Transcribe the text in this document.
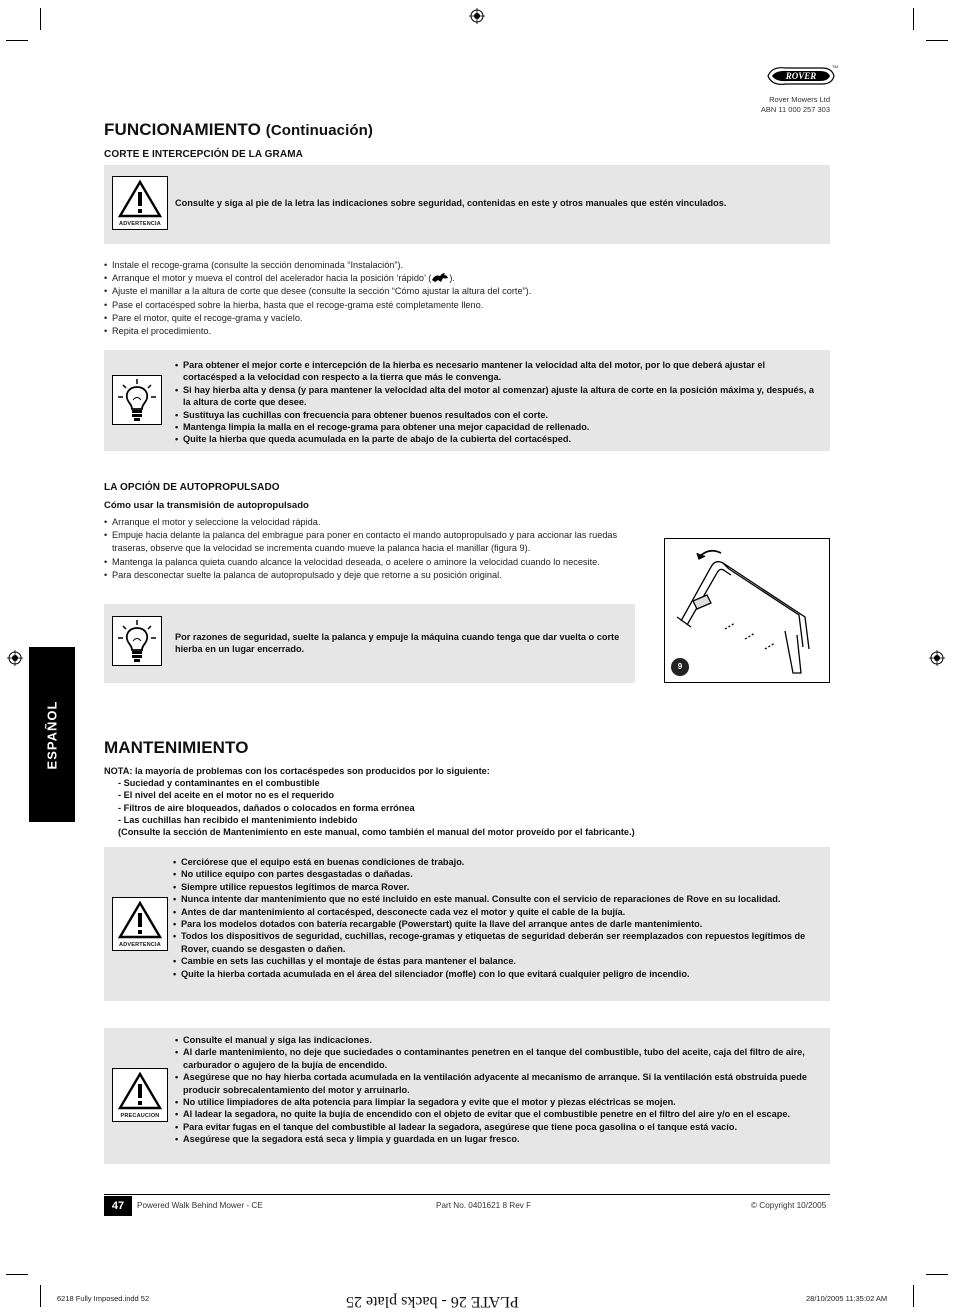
ROVER
TM
Rover Mowers Ltd
ABN 11 000 257 303
FUNCIONAMIENTO (Continuación)
CORTE E INTERCEPCIÓN DE LA GRAMA
ADVERTENCIA
Consulte y siga al pie de la letra las indicaciones sobre seguridad, contenidas en este y otros manuales que estén vinculados.
• Instale el recoge-grama (consulte la sección denominada “Instalación”).
• Arranque el motor y mueva el control del acelerador hacia la posición ‘rápido’ ( ).
• Ajuste el manillar a la altura de corte que desee (consulte la sección “Cómo ajustar la altura del corte”).
• Pase el cortacésped sobre la hierba, hasta que el recoge-grama esté completamente lleno.
• Pare el motor, quite el recoge-grama y vacíelo.
• Repita el procedimiento.
• Para obtener el mejor corte e intercepción de la hierba es necesario mantener la velocidad alta del motor, por lo que deberá ajustar el cortacésped a la velocidad con respecto a la tierra que más le convenga.
• Si hay hierba alta y densa (y para mantener la velocidad alta del motor al comenzar) ajuste la altura de corte en la posición máxima y, después, a la altura de corte que desee.
• Sustituya las cuchillas con frecuencia para obtener buenos resultados con el corte.
• Mantenga limpia la malla en el recoge-grama para obtener una mejor capacidad de rellenado.
• Quite la hierba que queda acumulada en la parte de abajo de la cubierta del cortacésped.
LA OPCIÓN DE AUTOPROPULSADO
Cómo usar la transmisión de autopropulsado
• Arranque el motor y seleccione la velocidad rápida.
• Empuje hacia delante la palanca del embrague para poner en contacto el mando autopropulsado y para accionar las ruedas traseras, observe que la velocidad se incrementa cuando mueve la palanca hacia el manillar (figura 9).
• Mantenga la palanca quieta cuando alcance la velocidad deseada, o acelere o aminore la velocidad cuando lo necesite.
• Para desconectar suelte la palanca de autopropulsado y deje que retorne a su posición original.
9
Por razones de seguridad, suelte la palanca y empuje la máquina cuando tenga que dar vuelta o corte hierba en un lugar encerrado.
ESPAÑOL	MANTENIMIENTO
NOTA: la mayoría de problemas con los cortacéspedes son producidos por lo siguiente:
- Suciedad y contaminantes en el combustible
- El nivel del aceite en el motor no es el requerido
- Filtros de aire bloqueados, dañados o colocados en forma errónea
- Las cuchillas han recibido el mantenimiento indebido
(Consulte la sección de Mantenimiento en este manual, como también el manual del motor proveído por el fabricante.)
ADVERTENCIA
• Cerciórese que el equipo está en buenas condiciones de trabajo.
• No utilice equipo con partes desgastadas o dañadas.
• Siempre utilice repuestos legítimos de marca Rover.
• Nunca intente dar mantenimiento que no esté incluido en este manual. Consulte con el servicio de reparaciones de Rove en su localidad.
• Antes de dar mantenimiento al cortacésped, desconecte cada vez el motor y quite el cable de la bujía.
• Para los modelos dotados con batería recargable (Powerstart) quite la llave del arranque antes de darle mantenimiento.
• Todos los dispositivos de seguridad, cuchillas, recoge-gramas y etiquetas de seguridad deberán ser reemplazados con repuestos legítimos de Rover, cuando se desgasten o dañen.
• Cambie en sets las cuchillas y el montaje de éstas para mantener el balance.
• Quite la hierba cortada acumulada en el área del silenciador (mofle) con lo que evitará cualquier peligro de incendio.
PRECAUCION
• Consulte el manual y siga las indicaciones.
• Al darle mantenimiento, no deje que suciedades o contaminantes penetren en el tanque del combustible, tubo del aceite, caja del filtro de aire, carburador o agujero de la bujía de encendido.
• Asegúrese que no hay hierba cortada acumulada en la ventilación adyacente al mecanismo de arranque. Si la ventilación está obstruida puede producir sobrecalentamiento del motor y arruinarlo.
• No utilice limpiadores de alta potencia para limpiar la segadora y evite que el motor y piezas eléctricas se mojen.
• Al ladear la segadora, no quite la bujía de encendido con el objeto de evitar que el combustible penetre en el filtro del aire y/o en el escape.
• Para evitar fugas en el tanque del combustible al ladear la segadora, asegúrese que tiene poca gasolina o el tanque está vacío.
• Asegúrese que la segadora está seca y limpia y guardada en un lugar fresco.
47	Powered Walk Behind Mower - CE	Part No. 0401621 8 Rev F	© Copyright 10/2005
6218 Fully Imposed.indd 52	28/10/2005 11:35:02 AM
PLATE 26 - backs plate 25
